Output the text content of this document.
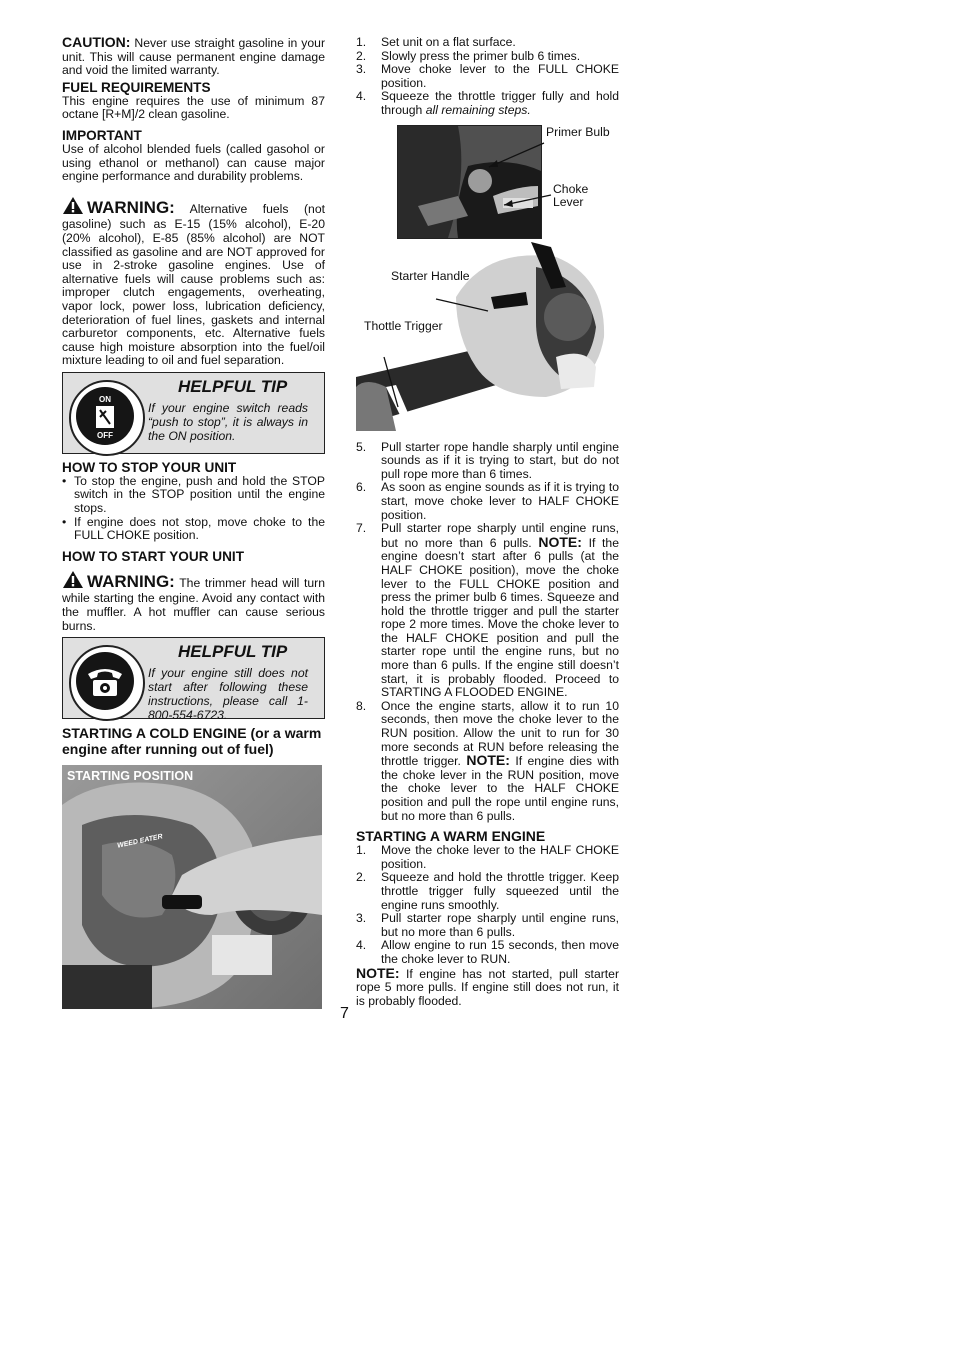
CAUTION: Never use straight gasoline in your unit. This will cause permanent engine damage and void the limited warranty.

FUEL REQUIREMENTS

This engine requires the use of minimum 87 octane [R+M]/2 clean gasoline.

IMPORTANT

Use of alcohol blended fuels (called gasohol or using ethanol or methanol) can cause major engine performance and durability problems.

WARNING: Alternative fuels (not gasoline) such as E-15 (15% alcohol), E-20 (20% alcohol), E-85 (85% alcohol) are NOT classified as gasoline and are NOT approved for use in 2-stroke gasoline engines. Use of alternative fuels will cause problems such as: improper clutch engagements, overheating, vapor lock, power loss, lubrication deficiency, deterioration of fuel lines, gaskets and internal carburetor components, etc. Alternative fuels cause high moisture absorption into the fuel/oil mixture leading to oil and fuel separation.

ON
OFF
HELPFUL TIP
If your engine switch reads “push to stop”, it is always in the ON position.
HOW TO STOP YOUR UNIT
• To stop the engine, push and hold the STOP switch in the STOP position until the engine stops.
• If engine does not stop, move choke to the FULL CHOKE position.
HOW TO START YOUR UNIT

WARNING: The trimmer head will turn while starting the engine. Avoid any contact with the muffler. A hot muffler can cause serious burns.

HELPFUL TIP
If your engine still does not start after following these instructions, please call 1-800-554-6723.
STARTING A COLD ENGINE (or a warm engine after running out of fuel)
STARTING POSITION
WEED EATER
1. Set unit on a flat surface.
2. Slowly press the primer bulb 6 times.
3. Move choke lever to the FULL CHOKE position.
4. Squeeze the throttle trigger fully and hold through all remaining steps.
Primer Bulb
Choke Lever
Starter Handle
Thottle Trigger
5. Pull starter rope handle sharply until engine sounds as if it is trying to start, but do not pull rope more than 6 times.
6. As soon as engine sounds as if it is trying to start, move choke lever to HALF CHOKE position.
7. Pull starter rope sharply until engine runs, but no more than 6 pulls. NOTE: If the engine doesn’t start after 6 pulls (at the HALF CHOKE position), move the choke lever to the FULL CHOKE position and press the primer bulb 6 times. Squeeze and hold the throttle trigger and pull the starter rope 2 more times. Move the choke lever to the HALF CHOKE position and pull the starter rope until the engine runs, but no more than 6 pulls. If the engine still doesn’t start, it is probably flooded. Proceed to STARTING A FLOODED ENGINE.
8. Once the engine starts, allow it to run 10 seconds, then move the choke lever to the RUN position. Allow the unit to run for 30 more seconds at RUN before releasing the throttle trigger. NOTE: If engine dies with the choke lever in the RUN position, move the choke lever to the HALF CHOKE position and pull the rope until engine runs, but no more than 6 pulls.
STARTING A WARM ENGINE
1. Move the choke lever to the HALF CHOKE position.
2. Squeeze and hold the throttle trigger. Keep throttle trigger fully squeezed until the engine runs smoothly.
3. Pull starter rope sharply until engine runs, but no more than 6 pulls.
4. Allow engine to run 15 seconds, then move the choke lever to RUN.

NOTE: If engine has not started, pull starter rope 5 more pulls. If engine still does not run, it is probably flooded.

7
